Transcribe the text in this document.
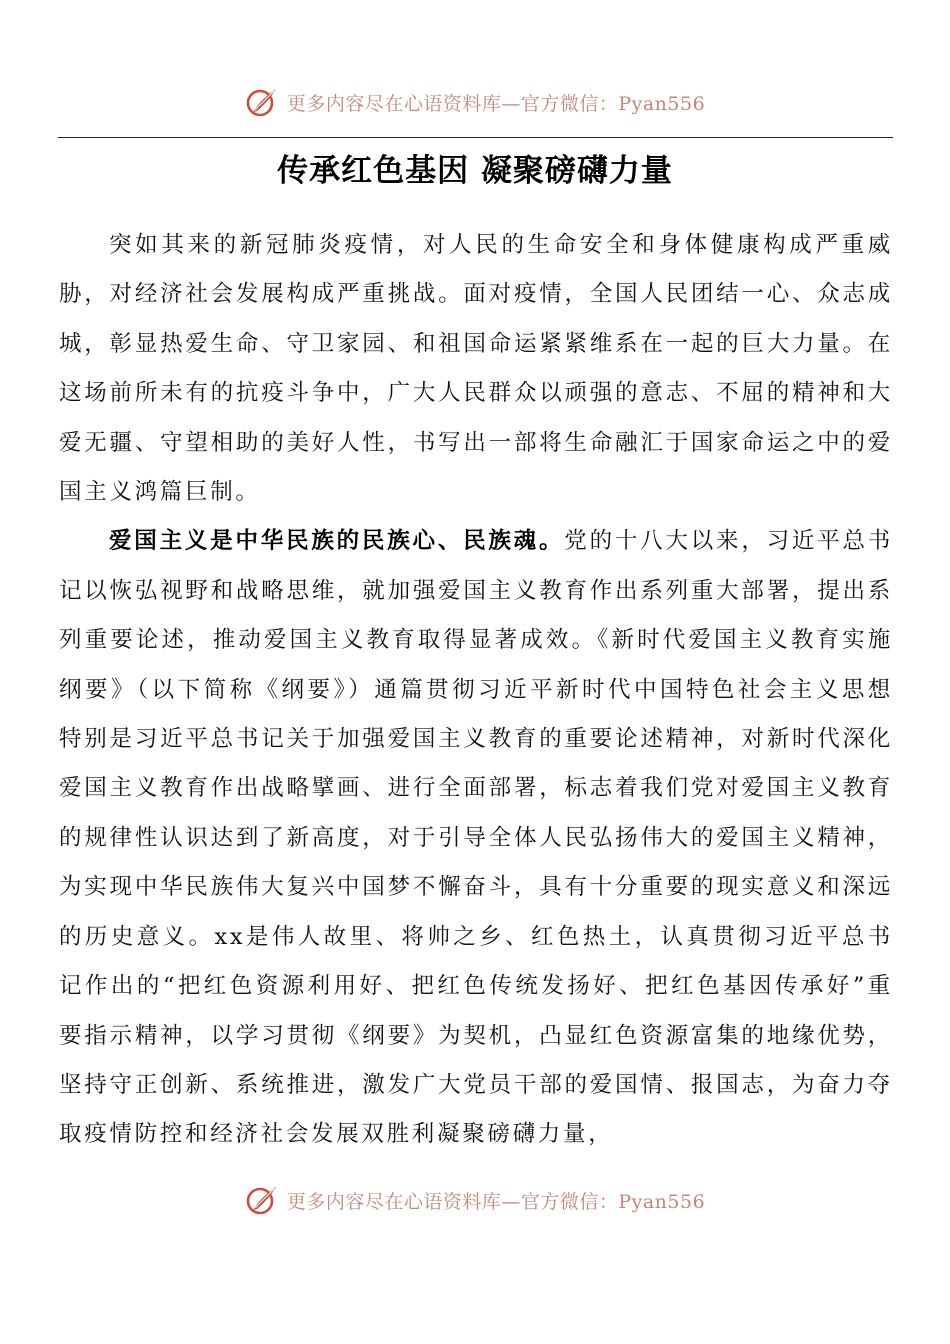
更多内容尽在心语资料库—官方微信：Pyan556
传承红色基因 凝聚磅礴力量

突如其来的新冠肺炎疫情，对人民的生命安全和身体健康构成严重威胁，对经济社会发展构成严重挑战。面对疫情，全国人民团结一心、众志成城，彰显热爱生命、守卫家园、和祖国命运紧紧维系在一起的巨大力量。在这场前所未有的抗疫斗争中，广大人民群众以顽强的意志、不屈的精神和大爱无疆、守望相助的美好人性，书写出一部将生命融汇于国家命运之中的爱国主义鸿篇巨制。

爱国主义是中华民族的民族心、民族魂。党的十八大以来，习近平总书记以恢弘视野和战略思维，就加强爱国主义教育作出系列重大部署，提出系列重要论述，推动爱国主义教育取得显著成效。《新时代爱国主义教育实施纲要》（以下简称《纲要》）通篇贯彻习近平新时代中国特色社会主义思想特别是习近平总书记关于加强爱国主义教育的重要论述精神，对新时代深化爱国主义教育作出战略擘画、进行全面部署，标志着我们党对爱国主义教育的规律性认识达到了新高度，对于引导全体人民弘扬伟大的爱国主义精神，为实现中华民族伟大复兴中国梦不懈奋斗，具有十分重要的现实意义和深远的历史意义。xx是伟人故里、将帅之乡、红色热土，认真贯彻习近平总书记作出的“把红色资源利用好、把红色传统发扬好、把红色基因传承好”重要指示精神，以学习贯彻《纲要》为契机，凸显红色资源富集的地缘优势，坚持守正创新、系统推进，激发广大党员干部的爱国情、报国志，为奋力夺取疫情防控和经济社会发展双胜利凝聚磅礴力量，

更多内容尽在心语资料库—官方微信：Pyan556
